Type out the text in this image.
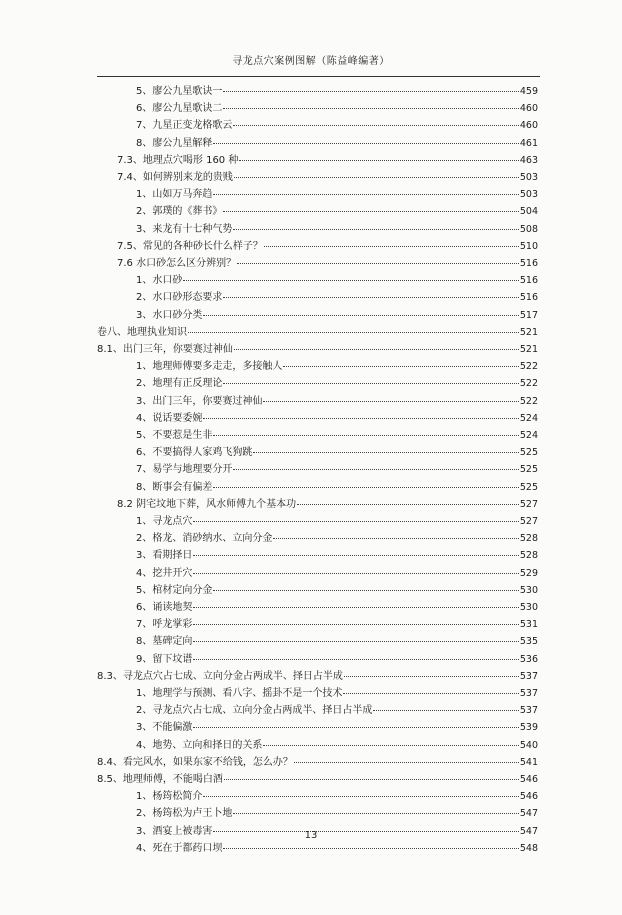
寻龙点穴案例图解（陈益峰编著）
5、廖公九星歌诀一	459
6、廖公九星歌诀二	460
7、九星正变龙格歌云	460
8、廖公九星解释	461
7.3、地理点穴喝形 160 种	463
7.4、如何辨别来龙的贵贱	503
1、山如万马奔趋	503
2、郭璞的《葬书》	504
3、来龙有十七种气势	508
7.5、常见的各种砂长什么样子？	510
7.6 水口砂怎么区分辨别？	516
1、水口砂	516
2、水口砂形态要求	516
3、水口砂分类	517
卷八、地理执业知识	521
8.1、出门三年，你要赛过神仙	521
1、地理师傅要多走走，多接触人	522
2、地理有正反理论	522
3、出门三年，你要赛过神仙	522
4、说话要委婉	524
5、不要惹是生非	524
6、不要搞得人家鸡飞狗跳	525
7、易学与地理要分开	525
8、断事会有偏差	525
8.2 阴宅坟地下葬，风水师傅九个基本功	527
1、寻龙点穴	527
2、格龙、消砂纳水、立向分金	528
3、看期择日	528
4、挖井开穴	529
5、棺材定向分金	530
6、诵读地契	530
7、呼龙掌彩	531
8、墓碑定向	535
9、留下坟谱	536
8.3、寻龙点穴占七成、立向分金占两成半、择日占半成	537
1、地理学与预测、看八字、摇卦不是一个技术	537
2、寻龙点穴占七成、立向分金占两成半、择日占半成	537
3、不能偏激	539
4、地势、立向和择日的关系	540
8.4、看完风水，如果东家不给钱，怎么办？	541
8.5、地理师傅，不能喝白酒	546
1、杨筠松简介	546
2、杨筠松为卢王卜地	547
3、酒宴上被毒害	547
4、死在于都药口坝	548
13
